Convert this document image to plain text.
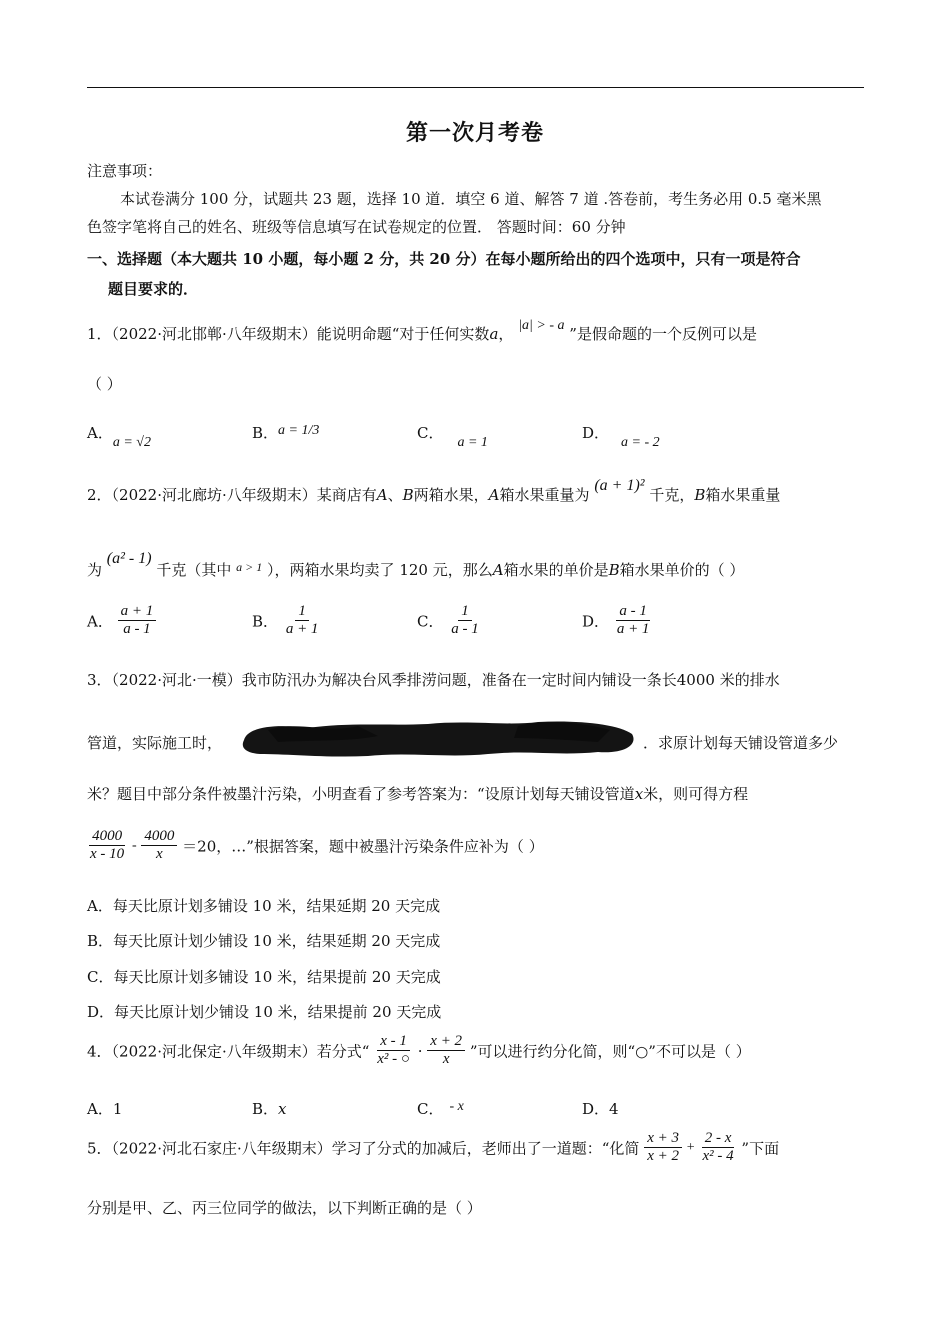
第一次月考卷
注意事项：
本试卷满分 100 分，试题共 23 题，选择 10 道．填空 6 道、解答 7 道 .答卷前，考生务必用 0.5 毫米黑
色签字笔将自己的姓名、班级等信息填写在试卷规定的位置． 答题时间：60 分钟
一、选择题（本大题共 10 小题，每小题 2 分，共 20 分）在每小题所给出的四个选项中，只有一项是符合
题目要求的．
1．（2022·河北邯郸·八年级期末）能说明命题“对于任何实数a， |a| > - a ”是假命题的一个反例可以是
（ ）
A．a = √2
B．a = 1/3	C．a = 1
D．a = - 2
2．（2022·河北廊坊·八年级期末）某商店有A、B两箱水果，A箱水果重量为 (a + 1)² 千克，B箱水果重量
为 (a² - 1) 千克（其中 $^{a > 1}$ ），两箱水果均卖了 120 元，那么A箱水果的单价是B箱水果单价的（ ）
A． $\frac{a + 1}{a - 1}$	B． $\frac{1}{a + 1}$	C． $\frac{1}{a - 1}$	D． $\frac{a - 1}{a + 1}$
3．（2022·河北·一模）我市防汛办为解决台风季排涝问题，准备在一定时间内铺设一条长4000 米的排水
管道，实际施工时，	．求原计划每天铺设管道多少
米？题目中部分条件被墨汁污染，小明查看了参考答案为：“设原计划每天铺设管道x米，则可得方程
$\frac{4000}{x - 10} - \frac{4000}{x} =20$，…”根据答案，题中被墨汁污染条件应补为（ ）
A．每天比原计划多铺设 10 米，结果延期 20 天完成
B．每天比原计划少铺设 10 米，结果延期 20 天完成
C．每天比原计划多铺设 10 米，结果提前 20 天完成
D．每天比原计划少铺设 10 米，结果提前 20 天完成
4．（2022·河北保定·八年级期末）若分式“ $\frac{x - 1}{\text{x² - ○}} \cdot \frac{x + 2}{x}$ ”可以进行约分化简，则“○”不可以是（ ）
A．1	B．x	C． - x	D．4
5．（2022·河北石家庄·八年级期末）学习了分式的加减后，老师出了一道题：“化简 $\frac{x + 3}{x + 2} + \frac{2 - x}{\text{x² - 4}}$ ”下面
分别是甲、乙、丙三位同学的做法，以下判断正确的是（ ）
